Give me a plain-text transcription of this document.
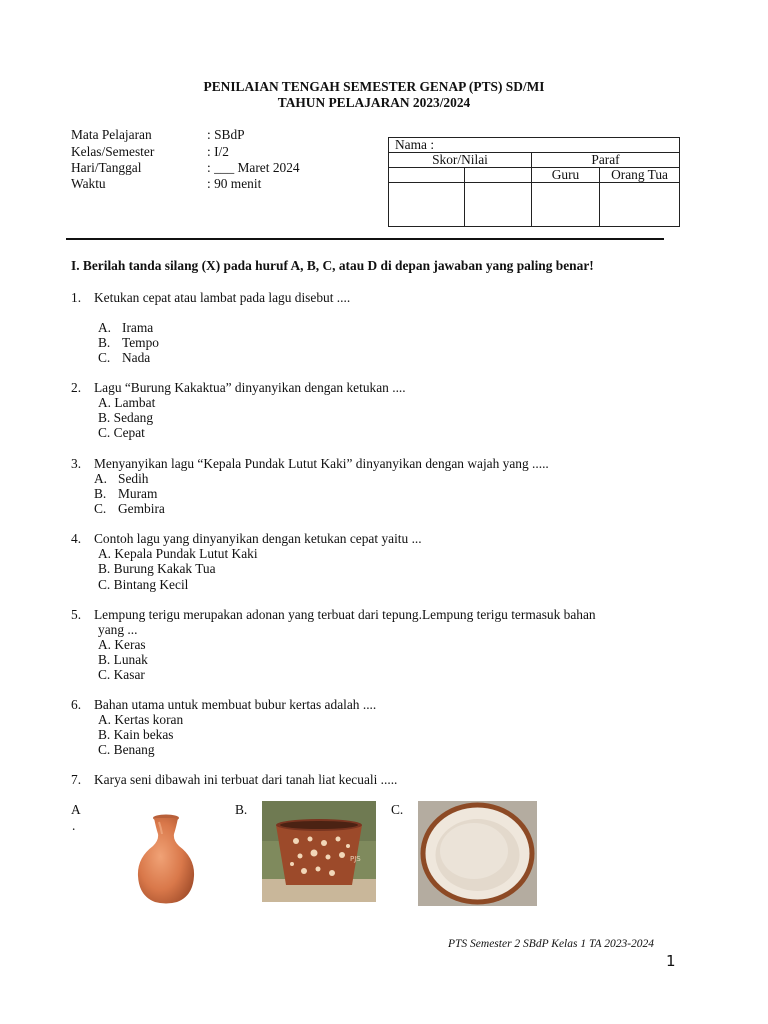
PENILAIAN TENGAH SEMESTER GENAP (PTS) SD/MI
TAHUN PELAJARAN 2023/2024
Mata Pelajaran	: SBdP
Kelas/Semester	: I/2
Hari/Tanggal	: ___ Maret 2024
Waktu	: 90 menit
Nama :			
Skor/Nilai		Paraf	
		Guru	Orang Tua

I. Berilah tanda silang (X) pada huruf A, B, C, atau D di depan jawaban yang paling benar!
1. Ketukan cepat atau lambat pada lagu disebut ....
A. Irama
B. Tempo
C. Nada
2. Lagu “Burung Kakaktua” dinyanyikan dengan ketukan ....
A. Lambat
B. Sedang
C. Cepat
3. Menyanyikan lagu “Kepala Pundak Lutut Kaki” dinyanyikan dengan wajah yang .....
A. Sedih
B. Muram
C. Gembira
4. Contoh lagu yang dinyanyikan dengan ketukan cepat yaitu ...
A. Kepala Pundak Lutut Kaki
B. Burung Kakak Tua
C. Bintang Kecil
5. Lempung terigu merupakan adonan yang terbuat dari tepung.Lempung terigu termasuk bahan
yang ...
A. Keras
B. Lunak
C. Kasar
6. Bahan utama untuk membuat bubur kertas adalah ....
A. Kertas koran
B. Kain bekas
C. Benang
7. Karya seni dibawah ini terbuat dari tanah liat kecuali .....
A
.
B.
PJS
C.
PTS Semester 2 SBdP Kelas 1 TA 2023-2024
1
